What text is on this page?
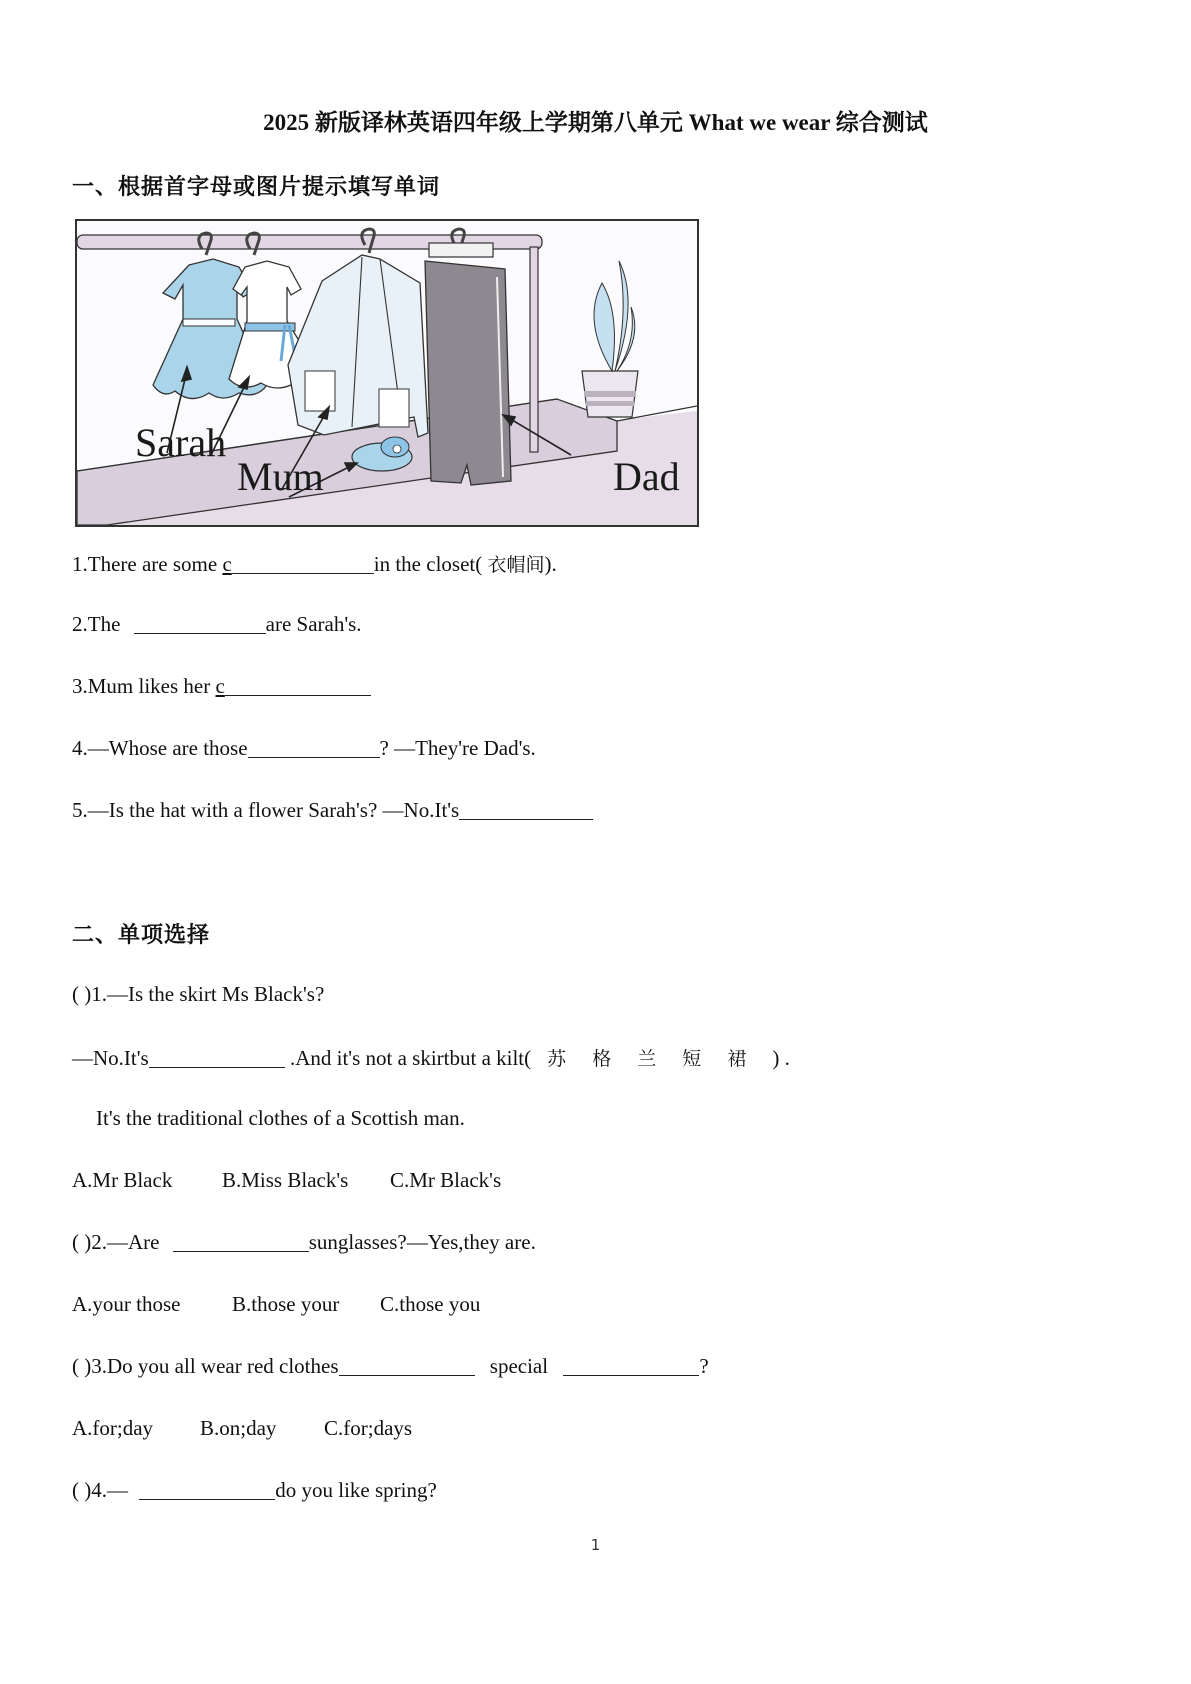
2025 新版译林英语四年级上学期第八单元 What we wear 综合测试
一、根据首字母或图片提示填写单词
Sarah
Mum	Dad
1.There are some c	in the closet( 衣帽间).
2.The	are Sarah's.
3.Mum likes her c
4.—Whose are those	? —They're Dad's.
5.—Is the hat with a flower Sarah's? —No.It's
二、单项选择
( )1.—Is the skirt Ms Black's?
—No.It's	.And it's not a skirtbut a kilt( 苏 格 兰 短 裙 ) .
It's the traditional clothes of a Scottish man.
A.Mr Black B.Miss Black's C.Mr Black's
( )2.—Are	sunglasses?—Yes,they are.
A.your those B.those your C.those you
( )3.Do you all wear red clothes	special	?
A.for;day B.on;day C.for;days
( )4.—	do you like spring?
1
